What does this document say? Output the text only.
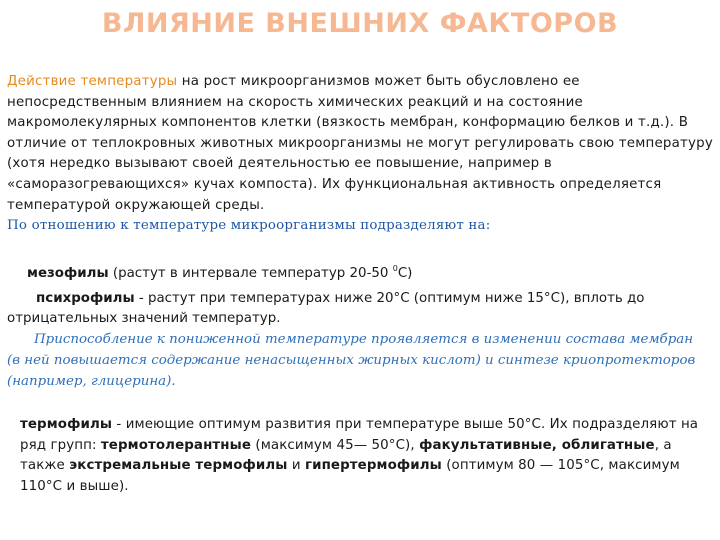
ВЛИЯНИЕ ВНЕШНИХ ФАКТОРОВ

Действие температуры на рост микроорганизмов может быть обусловлено ее непосредственным влиянием на скорость химических реакций и на состояние макромолекулярных компонентов клетки (вязкость мембран, конформацию белков и т.д.). В отличие от теплокровных животных микроорганизмы не могут регулировать свою температуру (хотя нередко вызывают своей деятельностью ее повышение, например в «саморазогревающихся» кучах компоста). Их функциональная активность определяется температурой окружающей среды.
По отношению к температуре микроорганизмы подразделяют на:

мезофилы (растут в интервале температур 20-50 $^0$С)

психрофилы - растут при температурах ниже 20°С (оптимум ниже 15°С), вплоть до отрицательных значений температур.

Приспособление к пониженной температуре проявляется в изменении состава мембран (в ней повышается содержание ненасыщенных жирных кислот) и синтезе криопротекторов (например, глицерина).

термофилы - имеющие оптимум развития при температуре выше 50°С. Их подразделяют на ряд групп: термотолерантные (максимум 45— 50°С), факультативные, облигатные, а также экстремальные термофилы и гипертермофилы (оптимум 80 — 105°С, максимум 110°С и выше).
